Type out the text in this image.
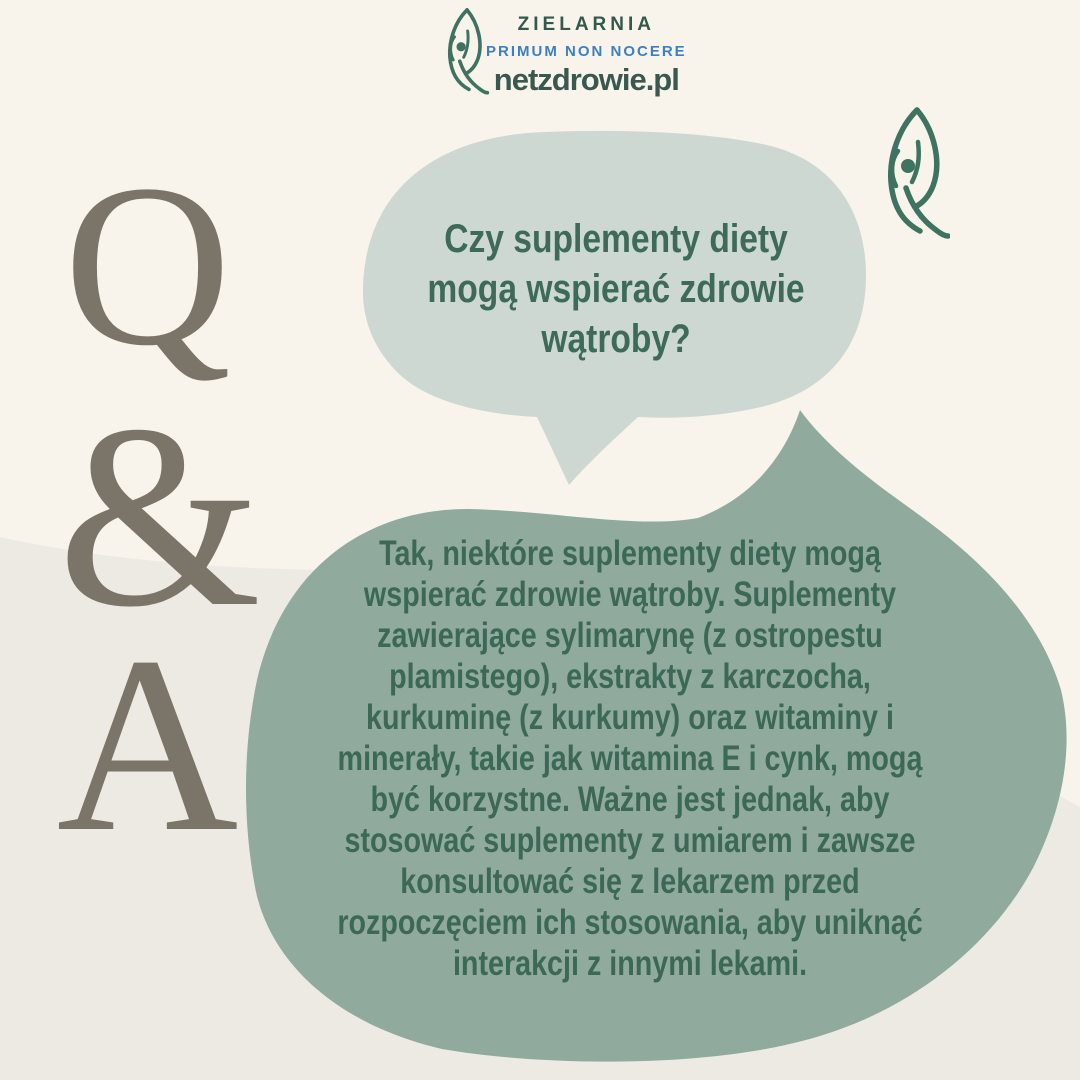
ZIELARNIA
PRIMUM NON NOCERE
netzdrowie.pl
Q
&
A
Czy suplementy diety
mogą wspierać zdrowie
wątroby?
Tak, niektóre suplementy diety mogą
wspierać zdrowie wątroby. Suplementy
zawierające sylimarynę (z ostropestu
plamistego), ekstrakty z karczocha,
kurkuminę (z kurkumy) oraz witaminy i
minerały, takie jak witamina E i cynk, mogą
być korzystne. Ważne jest jednak, aby
stosować suplementy z umiarem i zawsze
konsultować się z lekarzem przed
rozpoczęciem ich stosowania, aby uniknąć
interakcji z innymi lekami.
